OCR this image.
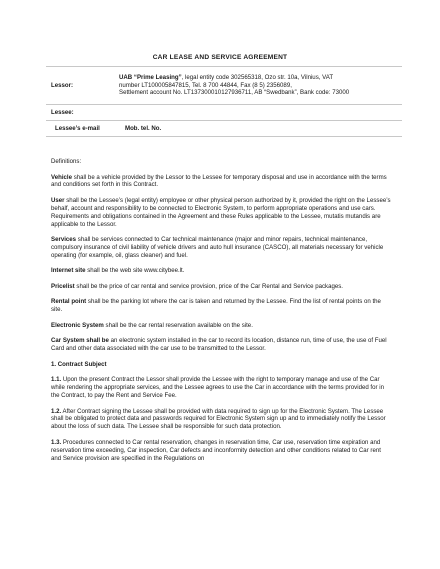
CAR LEASE AND SERVICE AGREEMENT
Lessor:	UAB “Prime Leasing”, legal entity code 302565318, Ozo str. 10a, Vilnius, VAT
number LT100005847815, Tel. 8 700 44844, Fax (8 5) 2356089,
Settlement account No. LT137300010127936711, AB “Swedbank”, Bank code: 73000
Lessee:	

Lessee’s e-mail Mob. tel. No.	

Definitions:

Vehicle shall be a vehicle provided by the Lessor to the Lessee for temporary disposal and use in accordance with the terms and conditions set forth in this Contract.

User shall be the Lessee’s (legal entity) employee or other physical person authorized by it, provided the right on the Lessee’s behalf, account and responsibility to be connected to Electronic System, to perform appropriate operations and use cars. Requirements and obligations contained in the Agreement and these Rules applicable to the Lessee, mutatis mutandis are applicable to the Lessor.

Services shall be services connected to Car technical maintenance (major and minor repairs, technical maintenance, compulsory insurance of civil liability of vehicle drivers and auto hull insurance (CASCO), all materials necessary for vehicle operating (for example, oil, glass cleaner) and fuel.

Internet site shall be the web site www.citybee.lt.

Pricelist shall be the price of car rental and service provision, price of the Car Rental and Service packages.

Rental point shall be the parking lot where the car is taken and returned by the Lessee. Find the list of rental points on the site.

Electronic System shall be the car rental reservation available on the site.

Car System shall be an electronic system installed in the car to record its location, distance run, time of use, the use of Fuel Card and other data associated with the car use to be transmitted to the Lessor.

1. Contract Subject

1.1. Upon the present Contract the Lessor shall provide the Lessee with the right to temporary manage and use of the Car while rendering the appropriate services, and the Lessee agrees to use the Car in accordance with the terms provided for in the Contract, to pay the Rent and Service Fee.

1.2. After Contract signing the Lessee shall be provided with data required to sign up for the Electronic System. The Lessee shall be obligated to protect data and passwords required for Electronic System sign up and to immediately notify the Lessor about the loss of such data. The Lessee shall be responsible for such data protection.

1.3. Procedures connected to Car rental reservation, changes in reservation time, Car use, reservation time expiration and reservation time exceeding, Car inspection, Car defects and inconformity detection and other conditions related to Car rent and Service provision are specified in the Regulations on
